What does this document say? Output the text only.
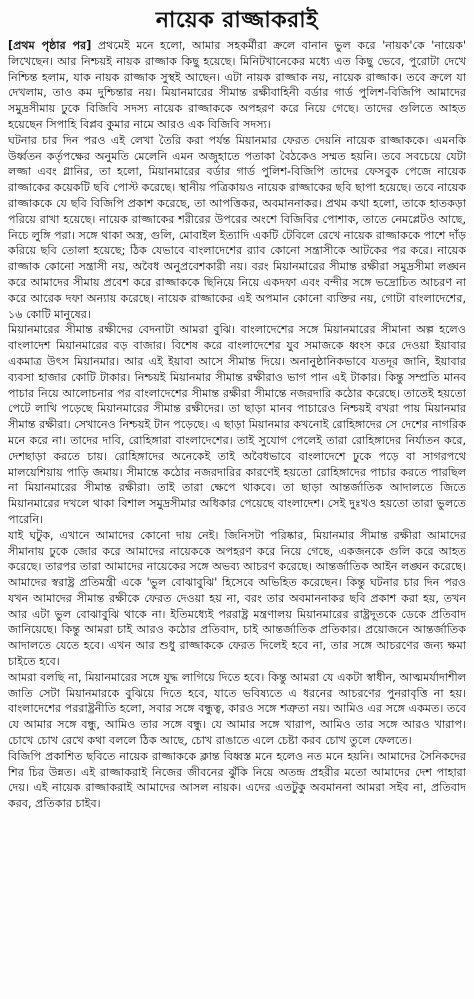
নায়েক রাজ্জাকরাই

[প্রথম পৃষ্ঠার পর] প্রথমেই মনে হলো, আমার সহকর্মীরা ক্রলে বানান ভুল করে 'নায়ক'কে 'নায়েক' লিখেছেন। আর নিশ্চয়ই নায়ক রাজ্জাক কিছু হয়েছে। মিনিটখানেকের মধ্যে এত কিছু ভেবে, পুরোটা দেখে নিশ্চিন্ত হলাম, যাক নায়ক রাজ্জাক সুস্থই আছেন। এটা নায়ক রাজ্জাক নয়, নায়েক রাজ্জাক। তবে ক্রলে যা দেখলাম, তাও কম দুশ্চিন্তার নয়। মিয়ানমারের সীমান্ত রক্ষীবাহিনী বর্ডার গার্ড পুলিশ-বিজিপি আমাদের সমুদ্রসীমায় ঢুকে বিজিবি সদস্য নায়েক রাজ্জাককে অপহরণ করে নিয়ে গেছে। তাদের গুলিতে আহত হয়েছেন সিপাহি বিপ্লব কুমার নামে আরও এক বিজিবি সদস্য।

ঘটনার চার দিন পরও এই লেখা তৈরি করা পর্যন্ত মিয়ানমার ফেরত দেয়নি নায়েক রাজ্জাককে। এমনকি উর্ধ্বতন কর্তৃপক্ষের অনুমতি মেলেনি এমন অজুহাতে পতাকা বৈঠকেও সম্মত হয়নি। তবে সবচেয়ে যেটা লজ্জা এবং গ্লানির, তা হলো, মিয়ানমারের বর্ডার গার্ড পুলিশ-বিজিপি তাদের ফেসবুক পেজে নায়েক রাজ্জাকের কয়েকটি ছবি পোস্ট করেছে। স্থানীয় পত্রিকায়ও নায়েক রাজ্জাকের ছবি ছাপা হয়েছে। তবে নায়েক রাজ্জাককে যে ছবি বিজিপি প্রকাশ করেছে, তা আপত্তিকর, অবমাননাকর। প্রথম কথা হলো, তাকে হাতকড়া পরিয়ে রাখা হয়েছে। নায়েক রাজ্জাকের শরীরের উপরের অংশে বিজিবির পোশাক, তাতে নেমপ্লেটও আছে, নিচে লুঙ্গি পরা। সঙ্গে থাকা অস্ত্র, গুলি, মোবাইল ইত্যাদি একটি টেবিলে রেখে নায়েক রাজ্জাককে পাশে দাঁড় করিয়ে ছবি তোলা হয়েছে; ঠিক যেভাবে বাংলাদেশের র‍্যাব কোনো সন্ত্রাসীকে আটকের পর করে। নায়েক রাজ্জাক কোনো সন্ত্রাসী নয়, অবৈধ অনুপ্রবেশকারী নয়। বরং মিয়ানমারের সীমান্ত রক্ষীরা সমুদ্রসীমা লঙ্ঘন করে আমাদের সীমায় প্রবেশ করে রাজ্জাককে ছিনিয়ে নিয়ে একদফা এবং বন্দীর সঙ্গে ভদ্রোচিত আচরণ না করে আরেক দফা অন্যায় করেছে। নায়েক রাজ্জাকের এই অপমান কোনো ব্যক্তির নয়, গোটা বাংলাদেশের, ১৬ কোটি মানুষের।

মিয়ানমারের সীমান্ত রক্ষীদের বেদনাটা আমরা বুঝি। বাংলাদেশের সঙ্গে মিয়ানমারের সীমানা অল্প হলেও বাংলাদেশ মিয়ানমারের বড় বাজার। বিশেষ করে বাংলাদেশের যুব সমাজকে ধ্বংস করে দেওয়া ইয়াবার একমাত্র উৎস মিয়ানমার। আর এই ইয়াবা আসে সীমান্ত দিয়ে। অনানুষ্ঠানিকভাবে যতদূর জানি, ইয়াবার ব্যবসা হাজার কোটি টাকার। নিশ্চয়ই মিয়ানমার সীমান্ত রক্ষীরাও ভাগ পান এই টাকার। কিন্তু সম্প্রতি মানব পাচার নিয়ে আলোচনার পর বাংলাদেশের সীমান্ত রক্ষীরা সীমান্তে নজরদারি কঠোর করেছে। তাতেই হয়তো পেটে লাথি পড়েছে মিয়ানমারের সীমান্ত রক্ষীদের। তা ছাড়া মানব পাচারেও নিশ্চয়ই বখরা পায় মিয়ানমার সীমান্ত রক্ষীরা। সেখানেও নিশ্চয়ই টান পড়েছে। এ ছাড়া মিয়ানমার কখনোই রোহিঙ্গাদের সে দেশের নাগরিক মনে করে না। তাদের দাবি, রোহিঙ্গারা বাংলাদেশের। তাই সুযোগ পেলেই তারা রোহিঙ্গাদের নির্যাতন করে, দেশছাড়া করতে চায়। রোহিঙ্গাদের অনেকেই তাই অবৈধভাবে বাংলাদেশে ঢুকে পড়ে বা সাগরপথে মালয়েশিয়ায় পাড়ি জমায়। সীমান্তে কঠোর নজরদারির কারণেই হয়তো রোহিঙ্গাদের পাচার করতে পারছিল না মিয়ানমারের সীমান্ত রক্ষীরা। তাই তারা ক্ষেপে থাকবে। তা ছাড়া আন্তর্জাতিক আদালতে জিতে মিয়ানমারের দখলে থাকা বিশাল সমুদ্রসীমার অধিকার পেয়েছে বাংলাদেশ। সেই দুঃখও হয়তো তারা ভুলতে পারেনি।

যাই ঘটুক, এখানে আমাদের কোনো দায় নেই। জিনিসটা পরিষ্কার, মিয়ানমার সীমান্ত রক্ষীরা আমাদের সীমানায় ঢুকে জোর করে আমাদের নায়েককে অপহরণ করে নিয়ে গেছে, একজনকে গুলি করে আহত করেছে। তারপর তারা আমাদের নায়েকের সঙ্গে অভব্য আচরণ করেছে। আন্তর্জাতিক আইন লঙ্ঘন করেছে। আমাদের স্বরাষ্ট্র প্রতিমন্ত্রী একে 'ভুল বোঝাবুঝি' হিসেবে অভিহিত করেছেন। কিন্তু ঘটনার চার দিন পরও যখন আমাদের সীমান্ত রক্ষীকে ফেরত দেওয়া হয় না, বরং তার অবমাননাকর ছবি প্রকাশ করা হয়, তখন আর এটা ভুল বোঝাবুঝি থাকে না। ইতিমধ্যেই পররাষ্ট্র মন্ত্রণালয় মিয়ানমারের রাষ্ট্রদূতকে ডেকে প্রতিবাদ জানিয়েছে। কিন্তু আমরা চাই আরও কঠোর প্রতিবাদ, চাই আন্তর্জাতিক প্রতিকার। প্রয়োজনে আন্তর্জাতিক আদালতে যেতে হবে। এখন আর শুধু রাজ্জাককে ফেরত দিলেই হবে না, তার সঙ্গে আচরণের জন্য ক্ষমা চাইতে হবে।

আমরা বলছি না, মিয়ানমারের সঙ্গে যুদ্ধ লাগিয়ে দিতে হবে। কিন্তু আমরা যে একটা স্বাধীন, আত্মমর্যাদাশীল জাতি সেটা মিয়ানমারকে বুঝিয়ে দিতে হবে, যাতে ভবিষ্যতে এ ধরনের আচরণের পুনরাবৃত্তি না হয়। বাংলাদেশের পররাষ্ট্রনীতি হলো, সবার সঙ্গে বন্ধুত্ব, কারও সঙ্গে শত্রুতা নয়। আমিও এর সঙ্গে একমত। তবে যে আমার সঙ্গে বন্ধু, আমিও তার সঙ্গে বন্ধু। যে আমার সঙ্গে খারাপ, আমিও তার সঙ্গে আরও খারাপ। চোখে চোখ রেখে কথা বললে ঠিক আছে, চোখ রাঙাতে এলে চেষ্টা করব চোখ তুলে ফেলতে।

বিজিপি প্রকাশিত ছবিতে নায়েক রাজ্জাককে ক্লান্ত বিধ্বস্ত মনে হলেও নত মনে হয়নি। আমাদের সৈনিকদের শির চির উন্নত। এই রাজ্জাকরাই নিজের জীবনের ঝুঁকি নিয়ে অতন্দ্র প্রহরীর মতো আমাদের দেশ পাহারা দেয়। এই নায়েক রাজ্জাকরাই আমাদের আসল নায়ক। এদের এতটুকু অবমাননা আমরা সইব না, প্রতিবাদ করব, প্রতিকার চাইব।
